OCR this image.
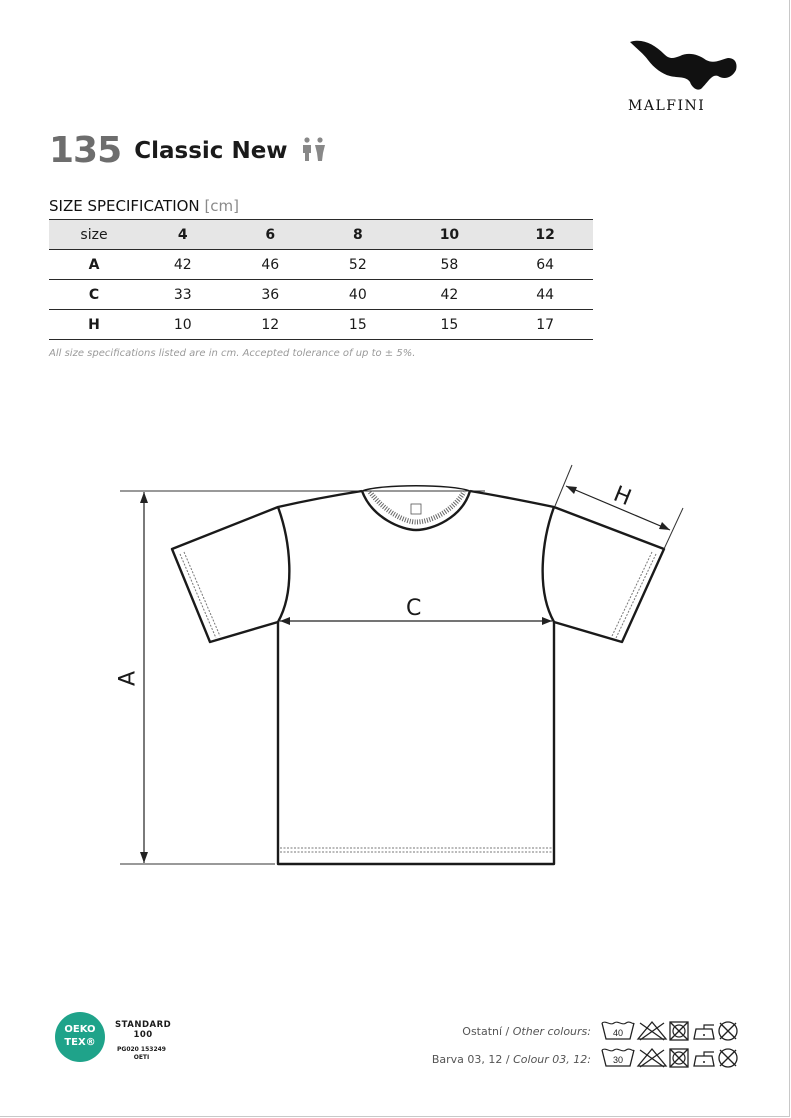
MALFINI
135 Classic New
SIZE SPECIFICATION [cm]
size	4	6	8	10	12
A	42	46	52	58	64
C	33	36	40	42	44
H	10	12	15	15	17
All size specifications listed are in cm. Accepted tolerance of up to ± 5%.
A
C
H
OEKO
TEX®
STANDARD
100
PG020 153249
OETI
Ostatní / Other colours: 40
Barva 03, 12 / Colour 03, 12: 30
